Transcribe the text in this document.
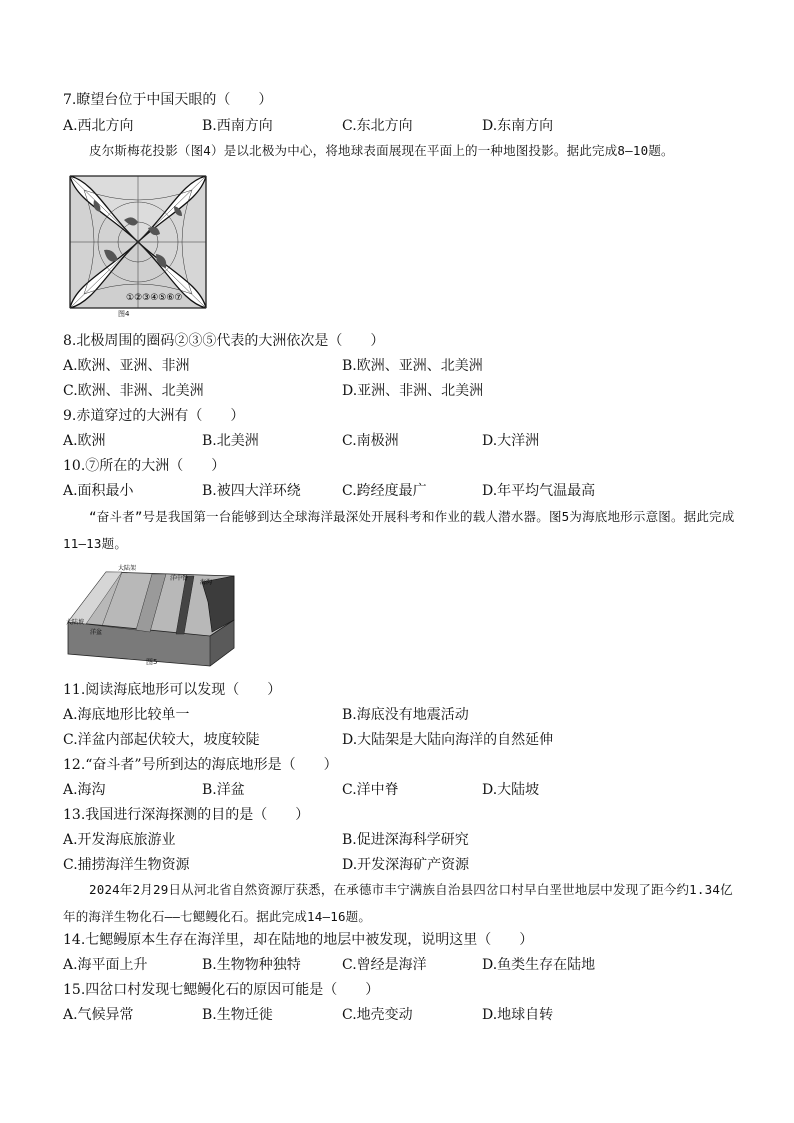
7.瞭望台位于中国天眼的（　　）
A.西北方向	B.西南方向	C.东北方向	D.东南方向
皮尔斯梅花投影（图4）是以北极为中心，将地球表面展现在平面上的一种地图投影。据此完成8—10题。
①②③④⑤⑥⑦
图4
8.北极周围的圈码②③⑤代表的大洲依次是（　　）
A.欧洲、亚洲、非洲	B.欧洲、亚洲、北美洲
C.欧洲、非洲、北美洲	D.亚洲、非洲、北美洲
9.赤道穿过的大洲有（　　）
A.欧洲	B.北美洲	C.南极洲	D.大洋洲
10.⑦所在的大洲（　　）
A.面积最小	B.被四大洋环绕	C.跨经度最广	D.年平均气温最高
“奋斗者”号是我国第一台能够到达全球海洋最深处开展科考和作业的载人潜水器。图5为海底地形示意图。据此完成11—13题。
大陆架
洋中脊
海沟
大陆坡
洋盆
图5
11.阅读海底地形可以发现（　　）
A.海底地形比较单一	B.海底没有地震活动
C.洋盆内部起伏较大，坡度较陡	D.大陆架是大陆向海洋的自然延伸
12.“奋斗者”号所到达的海底地形是（　　）
A.海沟	B.洋盆	C.洋中脊	D.大陆坡
13.我国进行深海探测的目的是（　　）
A.开发海底旅游业	B.促进深海科学研究
C.捕捞海洋生物资源	D.开发深海矿产资源
2024年2月29日从河北省自然资源厅获悉，在承德市丰宁满族自治县四岔口村早白垩世地层中发现了距今约1.34亿年的海洋生物化石——七鳃鳗化石。据此完成14—16题。
14.七鳃鳗原本生存在海洋里，却在陆地的地层中被发现，说明这里（　　）
A.海平面上升	B.生物物种独特	C.曾经是海洋	D.鱼类生存在陆地
15.四岔口村发现七鳃鳗化石的原因可能是（　　）
A.气候异常	B.生物迁徙	C.地壳变动	D.地球自转
